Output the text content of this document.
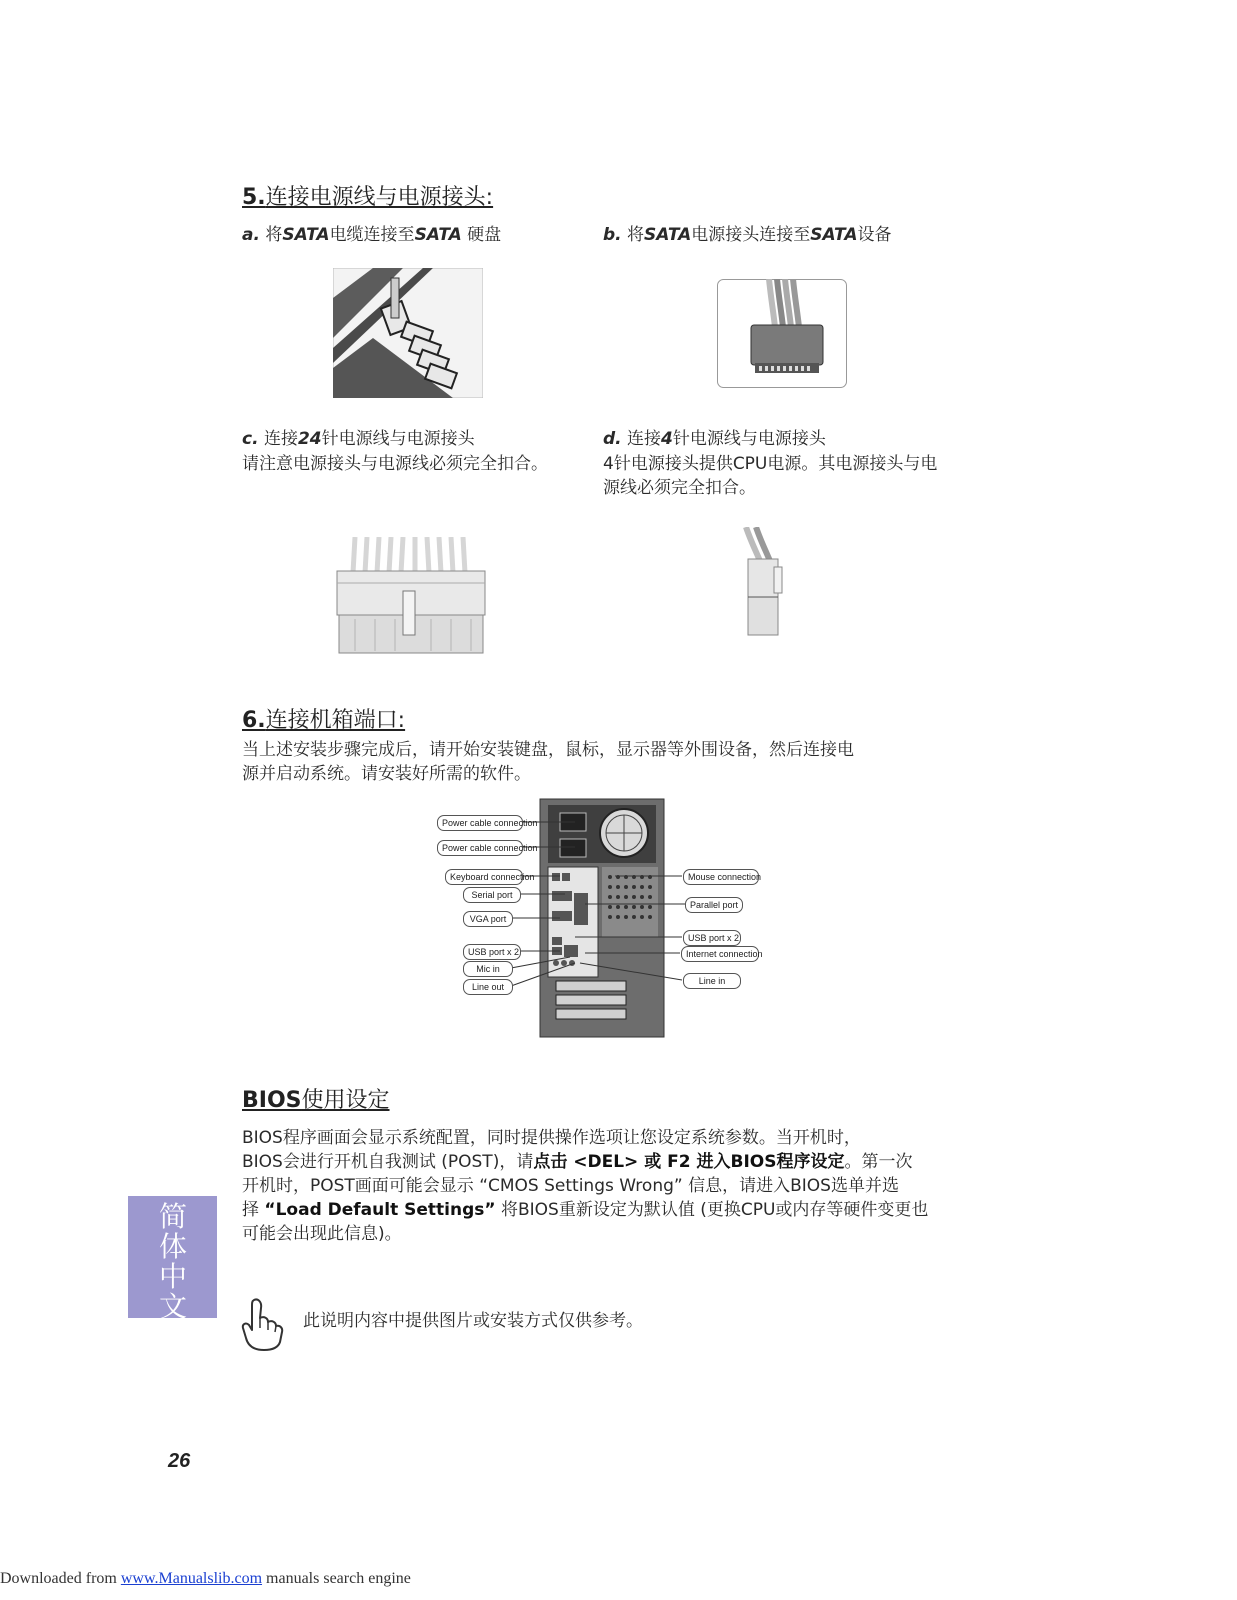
5.连接电源线与电源接头:
a. 将SATA电缆连接至SATA 硬盘	b. 将SATA电源接头连接至SATA设备
c. 连接24针电源线与电源接头
请注意电源接头与电源线必须完全扣合。
d. 连接4针电源线与电源接头
4针电源接头提供CPU电源。其电源接头与电
源线必须完全扣合。
6.连接机箱端口:
当上述安装步骤完成后，请开始安装键盘，鼠标，显示器等外围设备，然后连接电
源并启动系统。请安装好所需的软件。
Power cable connection
Power cable connection
Keyboard connection
Serial port
VGA port
USB port x 2
Mic in
Line out
Mouse connection
Parallel port
USB port x 2
Internet connection
Line in
BIOS使用设定
BIOS程序画面会显示系统配置，同时提供操作选项让您设定系统参数。当开机时，
BIOS会进行开机自我测试 (POST)，请点击 <DEL> 或 F2 进入BIOS程序设定。第一次
开机时，POST画面可能会显示 “CMOS Settings Wrong” 信息，请进入BIOS选单并选
择 “Load Default Settings” 将BIOS重新设定为默认值 (更换CPU或内存等硬件变更也
可能会出现此信息)。
简体中文	此说明内容中提供图片或安装方式仅供参考。
26
Downloaded from www.Manualslib.com manuals search engine
